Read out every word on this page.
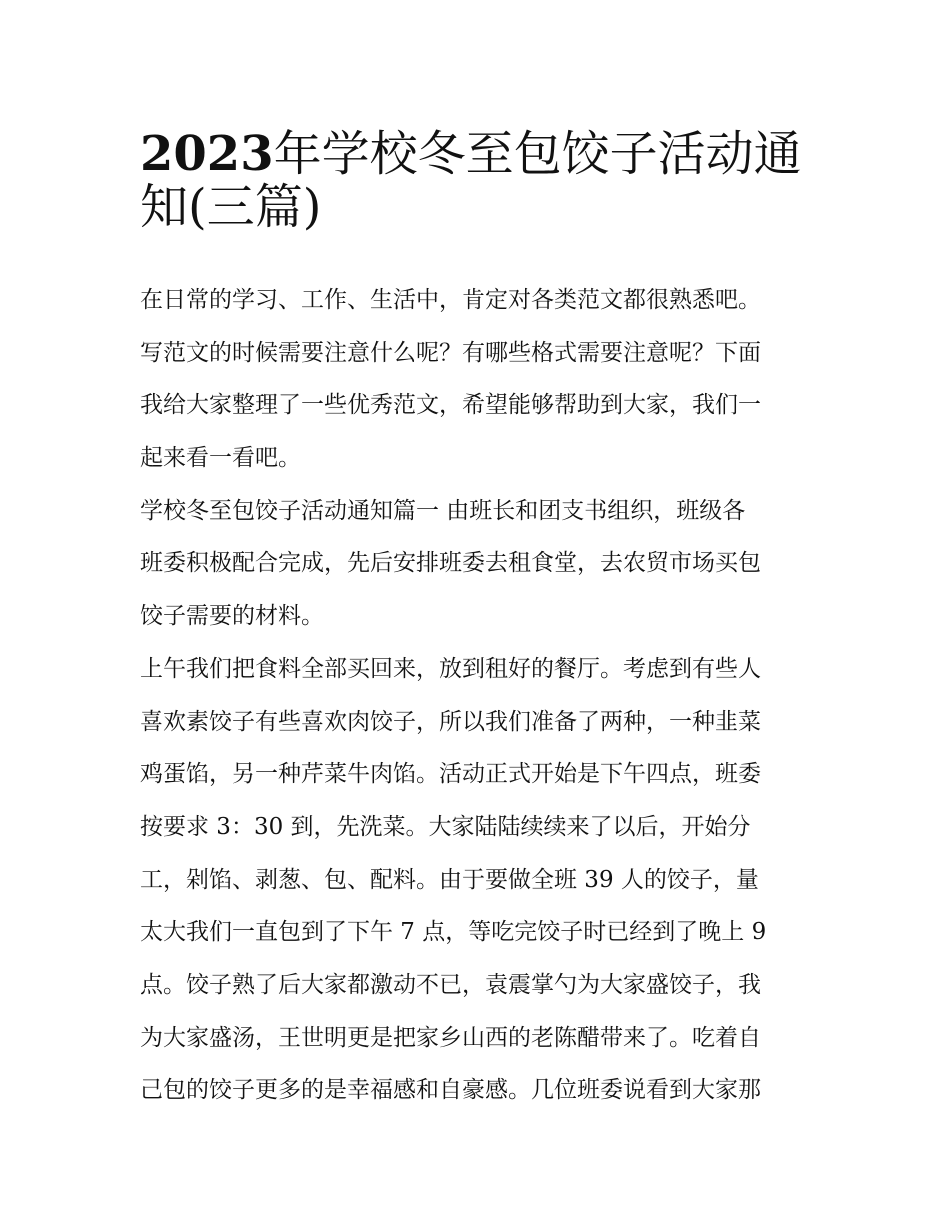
2023年学校冬至包饺子活动通
知(三篇)
在日常的学习、工作、生活中，肯定对各类范文都很熟悉吧。
写范文的时候需要注意什么呢？有哪些格式需要注意呢？下面
我给大家整理了一些优秀范文，希望能够帮助到大家，我们一
起来看一看吧。
学校冬至包饺子活动通知篇一 由班长和团支书组织，班级各
班委积极配合完成，先后安排班委去租食堂，去农贸市场买包
饺子需要的材料。
上午我们把食料全部买回来，放到租好的餐厅。考虑到有些人
喜欢素饺子有些喜欢肉饺子，所以我们准备了两种，一种韭菜
鸡蛋馅，另一种芹菜牛肉馅。活动正式开始是下午四点，班委
按要求 3：30 到，先洗菜。大家陆陆续续来了以后，开始分
工，剁馅、剥葱、包、配料。由于要做全班 39 人的饺子，量
太大我们一直包到了下午 7 点，等吃完饺子时已经到了晚上 9
点。饺子熟了后大家都激动不已，袁震掌勺为大家盛饺子，我
为大家盛汤，王世明更是把家乡山西的老陈醋带来了。吃着自
己包的饺子更多的是幸福感和自豪感。几位班委说看到大家那
